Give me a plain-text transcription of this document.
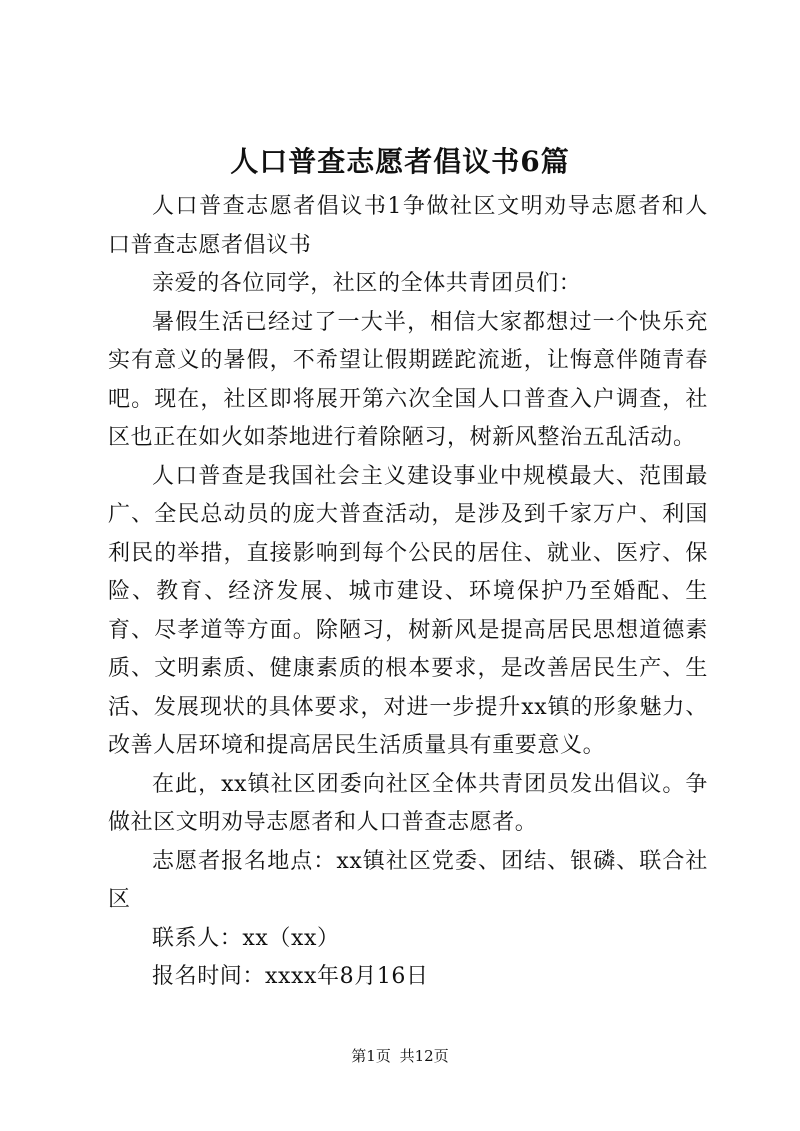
人口普查志愿者倡议书6篇

人口普查志愿者倡议书1争做社区文明劝导志愿者和人口普查志愿者倡议书

亲爱的各位同学，社区的全体共青团员们：

暑假生活已经过了一大半，相信大家都想过一个快乐充实有意义的暑假，不希望让假期蹉跎流逝，让悔意伴随青春吧。现在，社区即将展开第六次全国人口普查入户调查，社区也正在如火如荼地进行着除陋习，树新风整治五乱活动。

人口普查是我国社会主义建设事业中规模最大、范围最广、全民总动员的庞大普查活动，是涉及到千家万户、利国利民的举措，直接影响到每个公民的居住、就业、医疗、保险、教育、经济发展、城市建设、环境保护乃至婚配、生育、尽孝道等方面。除陋习，树新风是提高居民思想道德素质、文明素质、健康素质的根本要求，是改善居民生产、生活、发展现状的具体要求，对进一步提升xx镇的形象魅力、改善人居环境和提高居民生活质量具有重要意义。

在此，xx镇社区团委向社区全体共青团员发出倡议。争做社区文明劝导志愿者和人口普查志愿者。

志愿者报名地点：xx镇社区党委、团结、银磷、联合社区

联系人：xx（xx）

报名时间：xxxx年8月16日

第1页 共12页
